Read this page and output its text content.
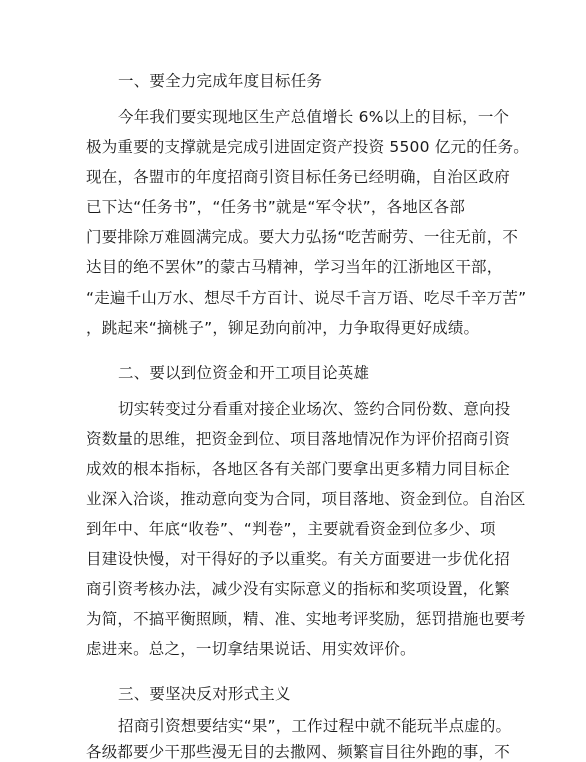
一、要全力完成年度目标任务
今年我们要实现地区生产总值增长 6%以上的目标，一个
极为重要的支撑就是完成引进固定资产投资 5500 亿元的任务。
现在，各盟市的年度招商引资目标任务已经明确，自治区政府
已下达“任务书”，“任务书”就是“军令状”，各地区各部
门要排除万难圆满完成。要大力弘扬“吃苦耐劳、一往无前，不
达目的绝不罢休”的蒙古马精神，学习当年的江浙地区干部，
“走遍千山万水、想尽千方百计、说尽千言万语、吃尽千辛万苦”
，跳起来“摘桃子”，铆足劲向前冲，力争取得更好成绩。
二、要以到位资金和开工项目论英雄
切实转变过分看重对接企业场次、签约合同份数、意向投
资数量的思维，把资金到位、项目落地情况作为评价招商引资
成效的根本指标，各地区各有关部门要拿出更多精力同目标企
业深入洽谈，推动意向变为合同，项目落地、资金到位。自治区
到年中、年底“收卷”、“判卷”，主要就看资金到位多少、项
目建设快慢，对干得好的予以重奖。有关方面要进一步优化招
商引资考核办法，减少没有实际意义的指标和奖项设置，化繁
为简，不搞平衡照顾，精、准、实地考评奖励，惩罚措施也要考
虑进来。总之，一切拿结果说话、用实效评价。
三、要坚决反对形式主义
招商引资想要结实“果”，工作过程中就不能玩半点虚的。
各级都要少干那些漫无目的去撒网、频繁盲目往外跑的事，不
